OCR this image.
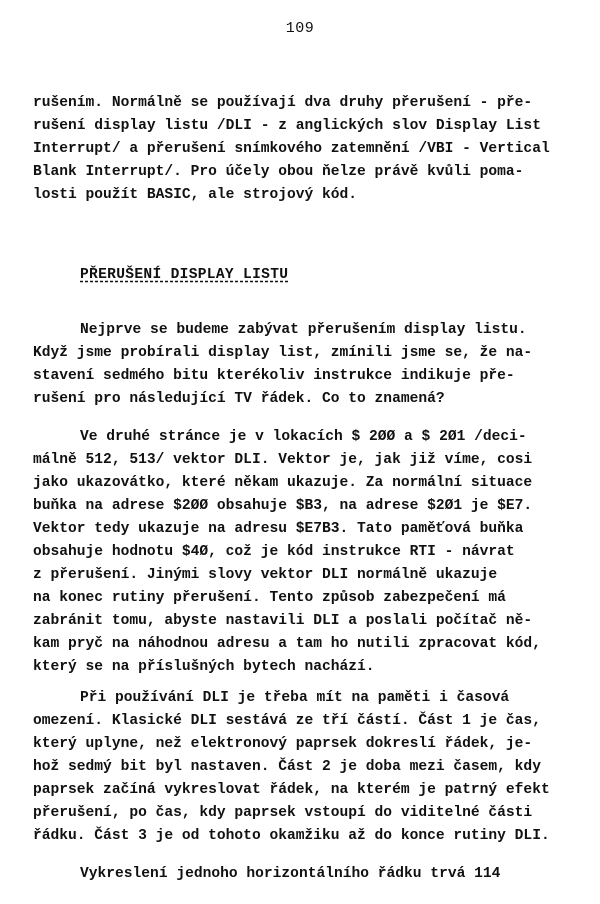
109
rušením. Normálně se používají dva druhy přerušení - pře-
rušení display listu /DLI - z anglických slov Display List
Interrupt/ a přerušení snímkového zatemnění /VBI - Vertical
Blank Interrupt/. Pro účely obou ňelze právě kvůli poma-
losti použít BASIC, ale strojový kód.
PŘERUŠENÍ DISPLAY LISTU
Nejprve se budeme zabývat přerušením display listu.
Když jsme probírali display list, zmínili jsme se, že na-
stavení sedmého bitu kterékoliv instrukce indikuje pře-
rušení pro následující TV řádek. Co to znamená?
Ve druhé stránce je v lokacích $ 2ØØ a $ 2Ø1 /deci-
málně 512, 513/ vektor DLI. Vektor je, jak již víme, cosi
jako ukazovátko, které někam ukazuje. Za normální situace
buňka na adrese $2ØØ obsahuje $B3, na adrese $2Ø1 je $E7.
Vektor tedy ukazuje na adresu $E7B3. Tato paměťová buňka
obsahuje hodnotu $4Ø, což je kód instrukce RTI - návrat
z přerušení. Jinými slovy vektor DLI normálně ukazuje
na konec rutiny přerušení. Tento způsob zabezpečení má
zabránit tomu, abyste nastavili DLI a poslali počítač ně-
kam pryč na náhodnou adresu a tam ho nutili zpracovat kód,
který se na příslušných bytech nachází.
Při používání DLI je třeba mít na paměti i časová
omezení. Klasické DLI sestává ze tří částí. Část 1 je čas,
který uplyne, než elektronový paprsek dokreslí řádek, je-
hož sedmý bit byl nastaven. Část 2 je doba mezi časem, kdy
paprsek začíná vykreslovat řádek, na kterém je patrný efekt
přerušení, po čas, kdy paprsek vstoupí do viditelné části
řádku. Část 3 je od tohoto okamžiku až do konce rutiny DLI.
Vykreslení jednoho horizontálního řádku trvá 114
